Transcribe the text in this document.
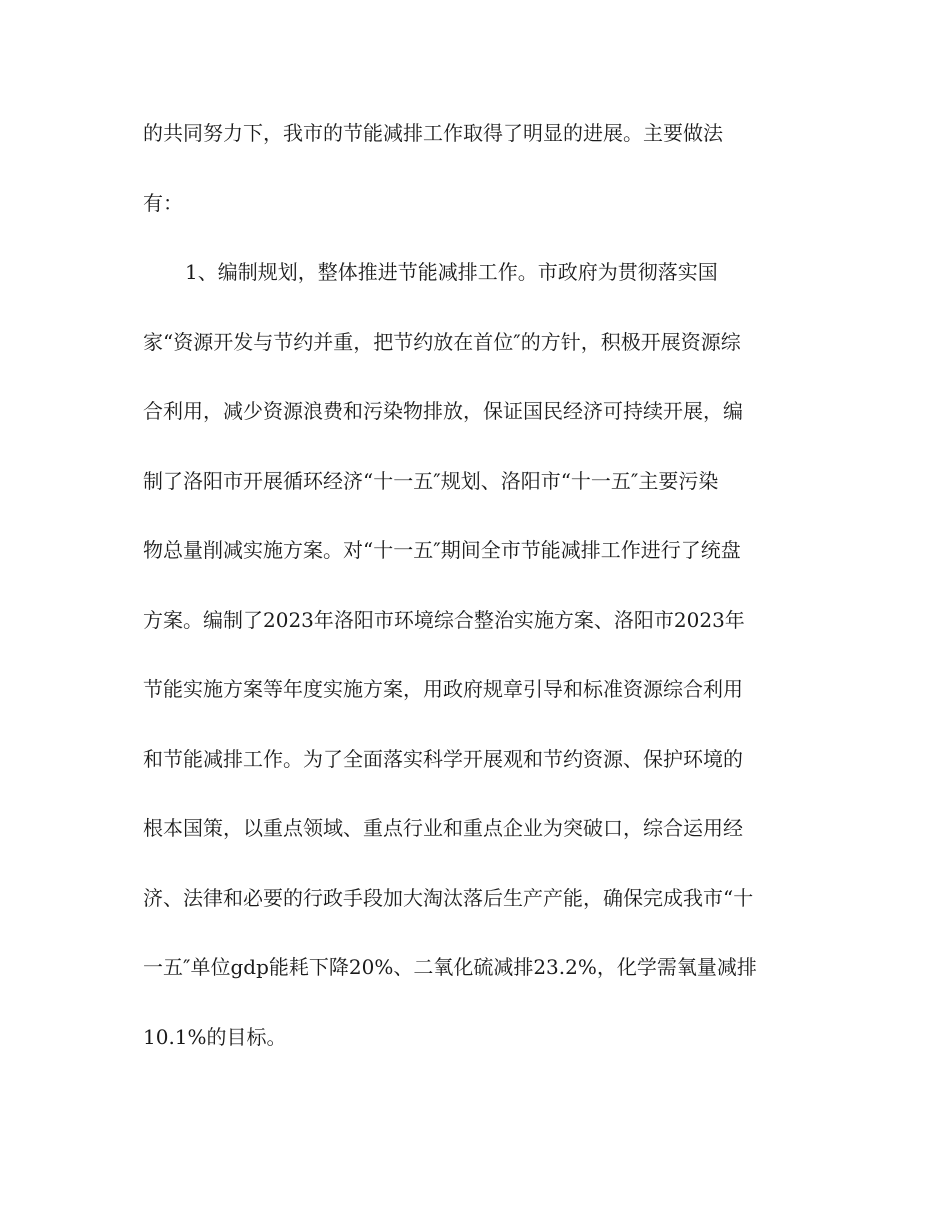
的共同努力下，我市的节能减排工作取得了明显的进展。主要做法
有：
1、编制规划，整体推进节能减排工作。市政府为贯彻落实国
家“资源开发与节约并重，把节约放在首位″的方针，积极开展资源综
合利用，减少资源浪费和污染物排放，保证国民经济可持续开展，编
制了洛阳市开展循环经济“十一五″规划、洛阳市“十一五″主要污染
物总量削减实施方案。对“十一五″期间全市节能减排工作进行了统盘
方案。编制了2023年洛阳市环境综合整治实施方案、洛阳市2023年
节能实施方案等年度实施方案，用政府规章引导和标准资源综合利用
和节能减排工作。为了全面落实科学开展观和节约资源、保护环境的
根本国策，以重点领域、重点行业和重点企业为突破口，综合运用经
济、法律和必要的行政手段加大淘汰落后生产产能，确保完成我市“十
一五″单位gdp能耗下降20%、二氧化硫减排23.2%，化学需氧量减排
10.1%的目标。
